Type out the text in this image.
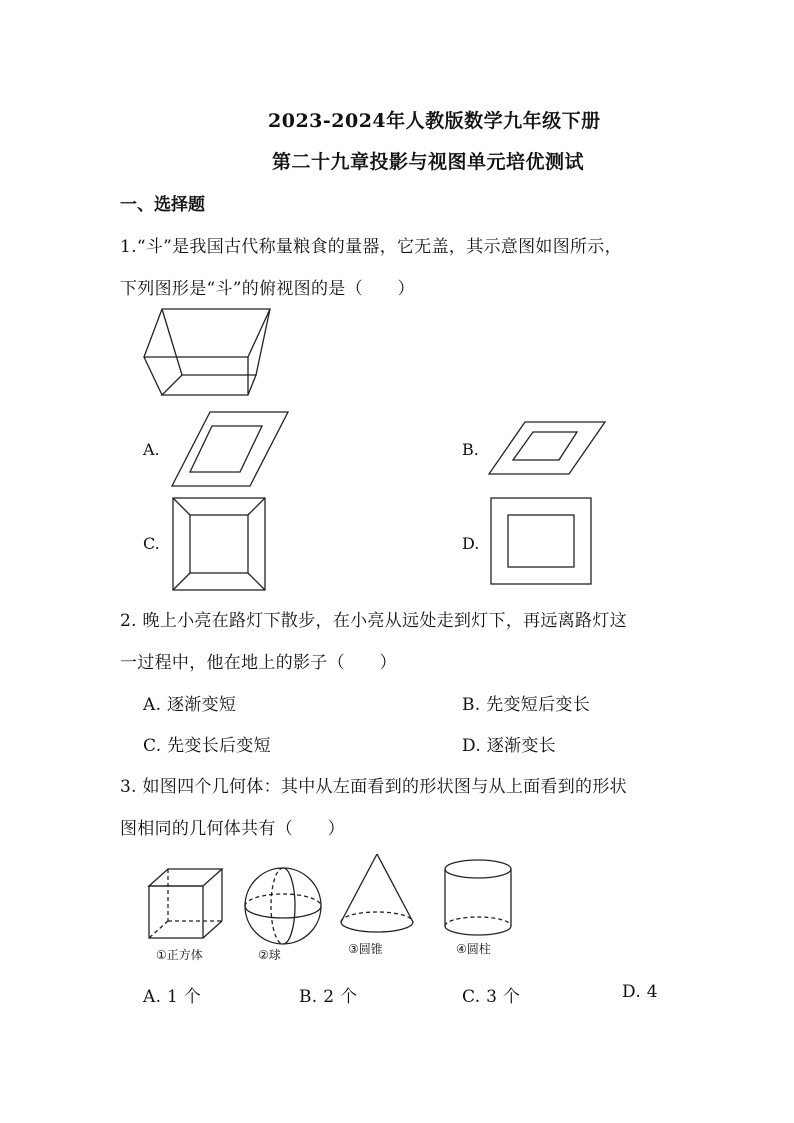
2023-2024年人教版数学九年级下册
第二十九章投影与视图单元培优测试
一、选择题
1.“斗”是我国古代称量粮食的量器，它无盖，其示意图如图所示，
下列图形是“斗”的俯视图的是（　　）
A.	B.
C.	D.
2. 晚上小亮在路灯下散步，在小亮从远处走到灯下，再远离路灯这
一过程中，他在地上的影子（　　）
A. 逐渐变短	B. 先变短后变长
C. 先变长后变短	D. 逐渐变长
3. 如图四个几何体：其中从左面看到的形状图与从上面看到的形状
图相同的几何体共有（　　）
①正方体	②球	③圆锥	④圆柱
A. 1 个	B. 2 个	C. 3 个	D. 4
